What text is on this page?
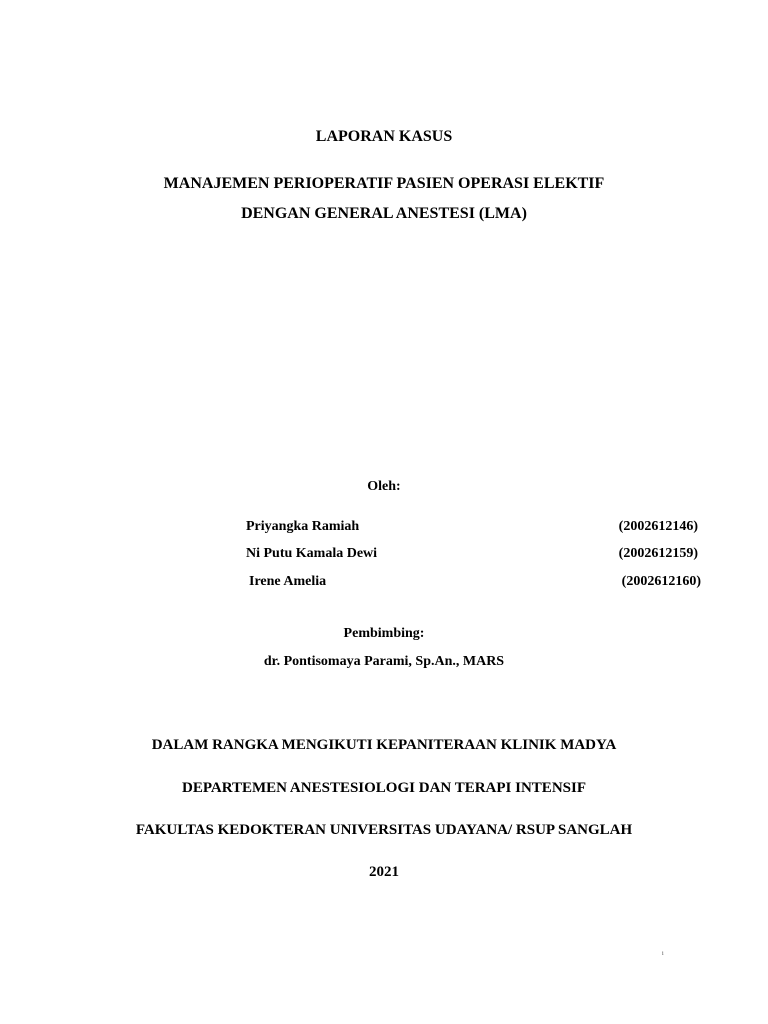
LAPORAN KASUS
MANAJEMEN PERIOPERATIF PASIEN OPERASI ELEKTIF
DENGAN GENERAL ANESTESI (LMA)
Oleh:
Priyangka Ramiah	(2002612146)
Ni Putu Kamala Dewi	(2002612159)
Irene Amelia	(2002612160)
Pembimbing:
dr. Pontisomaya Parami, Sp.An., MARS
DALAM RANGKA MENGIKUTI KEPANITERAAN KLINIK MADYA
DEPARTEMEN ANESTESIOLOGI DAN TERAPI INTENSIF
FAKULTAS KEDOKTERAN UNIVERSITAS UDAYANA/ RSUP SANGLAH
2021
i
